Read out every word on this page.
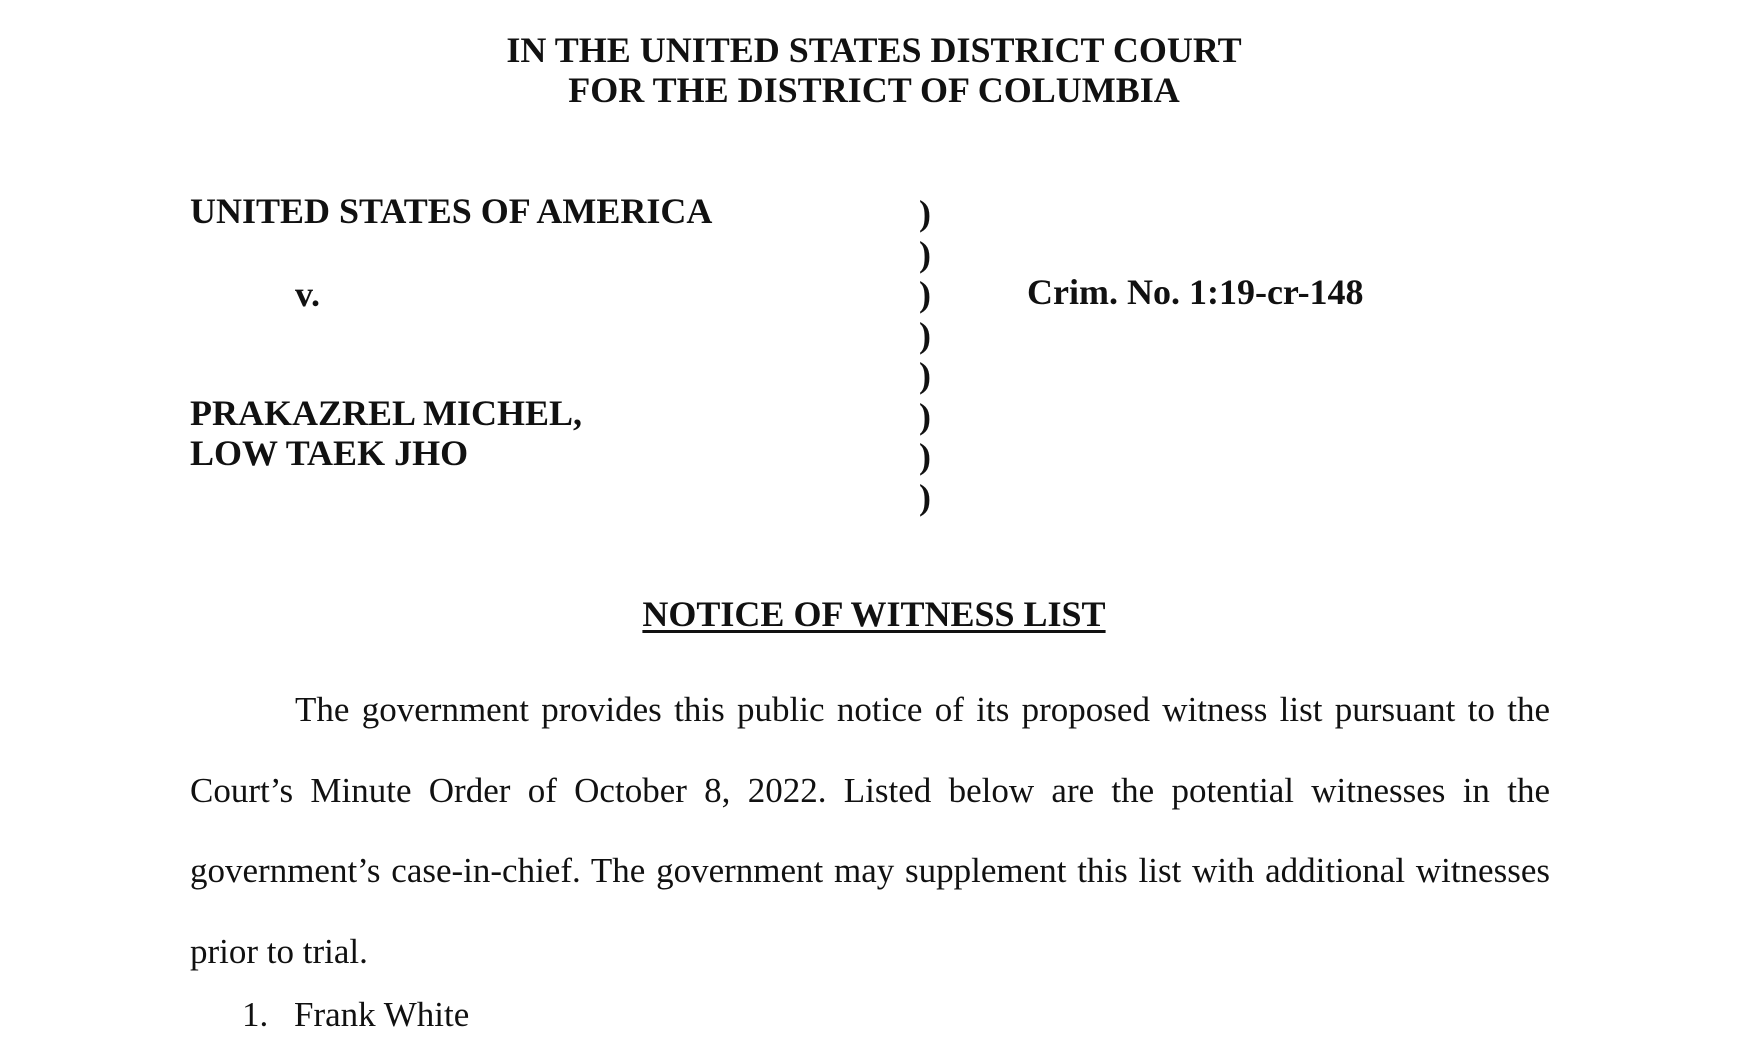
IN THE UNITED STATES DISTRICT COURT
FOR THE DISTRICT OF COLUMBIA
UNITED STATES OF AMERICA
v.
PRAKAZREL MICHEL,
LOW TAEK JHO
)
)
)
)
)
)
)
)
Crim. No. 1:19-cr-148
NOTICE OF WITNESS LIST
The government provides this public notice of its proposed witness list pursuant to the
Court’s Minute Order of October 8, 2022. Listed below are the potential witnesses in the
government’s case-in-chief. The government may supplement this list with additional witnesses
prior to trial.
1. Frank White
